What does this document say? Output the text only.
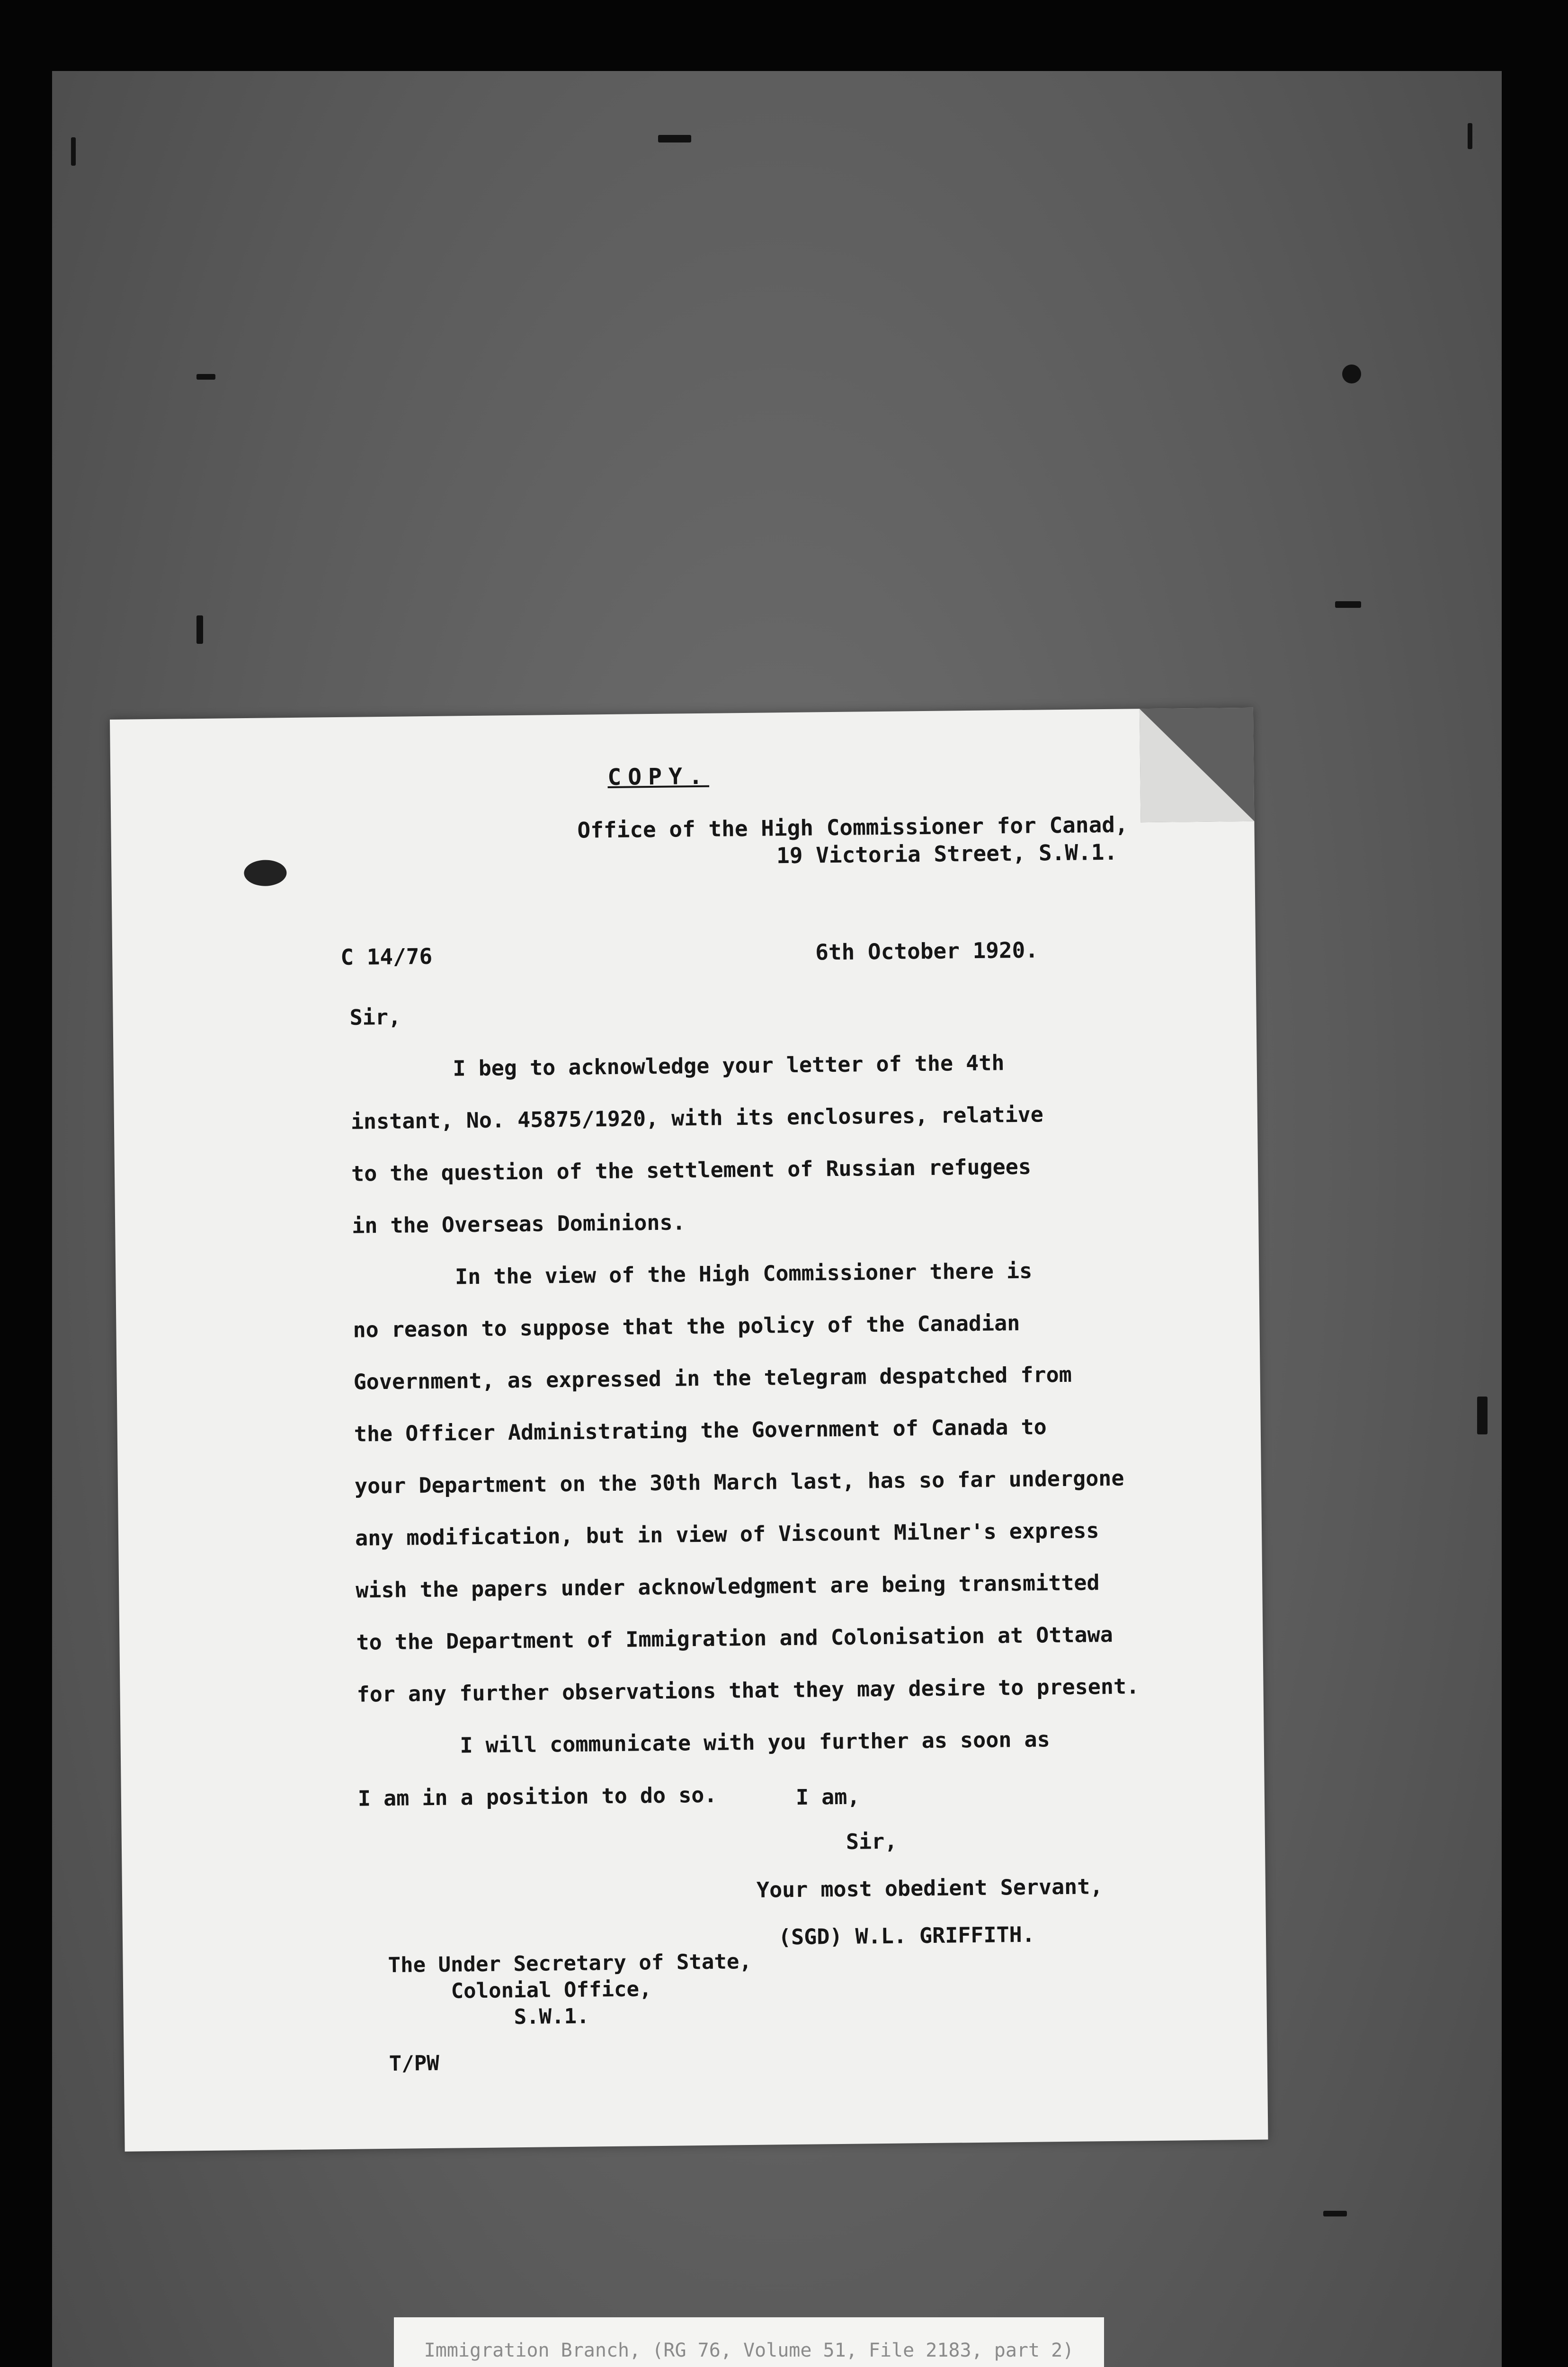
COPY.
Office of the High Commissioner for Canad,
19 Victoria Street, S.W.1.
C 14/76	6th October 1920.
Sir,
I beg to acknowledge your letter of the 4th
instant, No. 45875/1920, with its enclosures, relative
to the question of the settlement of Russian refugees
in the Overseas Dominions.
In the view of the High Commissioner there is
no reason to suppose that the policy of the Canadian
Government, as expressed in the telegram despatched from
the Officer Administrating the Government of Canada to
your Department on the 30th March last, has so far undergone
any modification, but in view of Viscount Milner's express
wish the papers under acknowledgment are being transmitted
to the Department of Immigration and Colonisation at Ottawa
for any further observations that they may desire to present.
I will communicate with you further as soon as
I am in a position to do so.	I am,
Sir,
Your most obedient Servant,
(SGD) W.L. GRIFFITH.
The Under Secretary of State,
Colonial Office,
S.W.1.
T/PW
Immigration Branch, (RG 76, Volume 51, File 2183, part 2)
